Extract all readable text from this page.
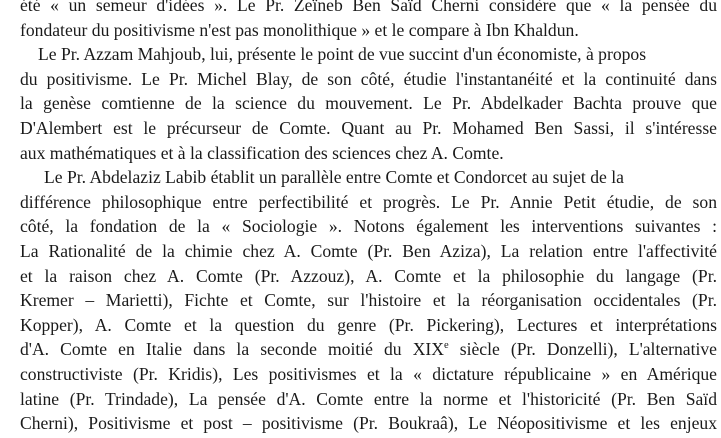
été « un semeur d'idées ». Le Pr. Zeïneb Ben Saïd Cherni considère que « la pensée du
fondateur du positivisme n'est pas monolithique » et le compare à Ibn Khaldun.
Le Pr. Azzam Mahjoub, lui, présente le point de vue succint d'un économiste, à propos
du positivisme. Le Pr. Michel Blay, de son côté, étudie l'instantanéité et la continuité dans
la genèse comtienne de la science du mouvement. Le Pr. Abdelkader Bachta prouve que
D'Alembert est le précurseur de Comte. Quant au Pr. Mohamed Ben Sassi, il s'intéresse
aux mathématiques et à la classification des sciences chez A. Comte.
Le Pr. Abdelaziz Labib établit un parallèle entre Comte et Condorcet au sujet de la
différence philosophique entre perfectibilité et progrès. Le Pr. Annie Petit étudie, de son
côté, la fondation de la « Sociologie ». Notons également les interventions suivantes :
La Rationalité de la chimie chez A. Comte (Pr. Ben Aziza), La relation entre l'affectivité
et la raison chez A. Comte (Pr. Azzouz), A. Comte et la philosophie du langage (Pr.
Kremer – Marietti), Fichte et Comte, sur l'histoire et la réorganisation occidentales (Pr.
Kopper), A. Comte et la question du genre (Pr. Pickering), Lectures et interprétations
d'A. Comte en Italie dans la seconde moitié du XIXe siècle (Pr. Donzelli), L'alternative
constructiviste (Pr. Kridis), Les positivismes et la « dictature républicaine » en Amérique
latine (Pr. Trindade), La pensée d'A. Comte entre la norme et l'historicité (Pr. Ben Saïd
Cherni), Positivisme et post – positivisme (Pr. Boukraâ), Le Néopositivisme et les enjeux
